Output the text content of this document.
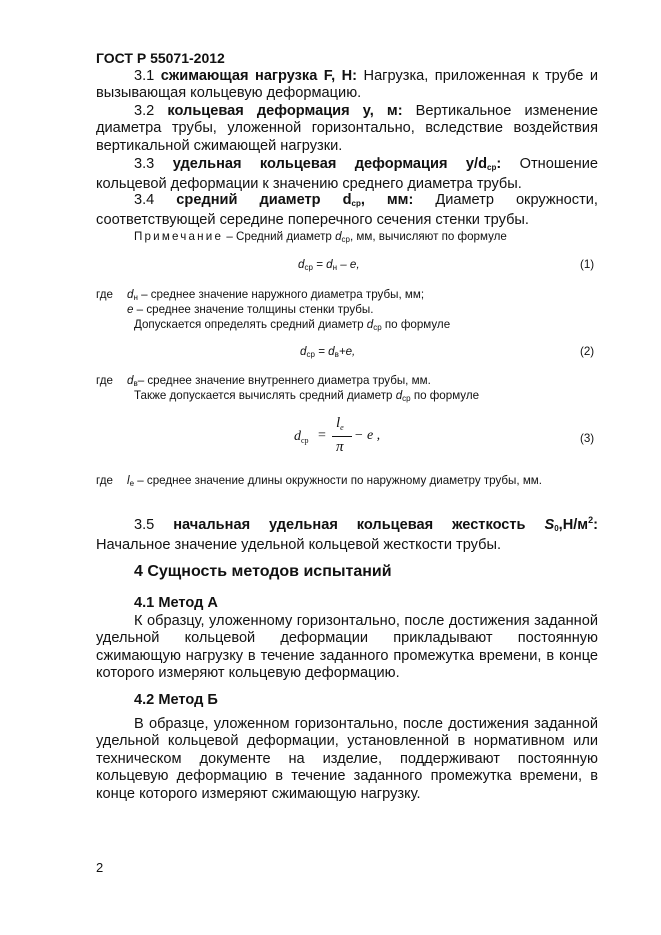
ГОСТ Р 55071-2012

3.1 сжимающая нагрузка F, Н: Нагрузка, приложенная к трубе и вызывающая кольцевую деформацию.

3.2 кольцевая деформация у, м: Вертикальное изменение диаметра трубы, уложенной горизонтально, вследствие воздействия вертикальной сжимающей нагрузки.

3.3 удельная кольцевая деформация $y/d_{ср}$: Отношение кольцевой деформации к значению среднего диаметра трубы.

3.4 средний диаметр $d_{ср}$, мм: Диаметр окружности, соответствующей середине поперечного сечения стенки трубы.

Примечание – Средний диаметр dср, мм, вычисляют по формуле

$d_{ср} = d_н - e$,	(1)
где dн – среднее значение наружного диаметра трубы, мм;
e – среднее значение толщины стенки трубы.
Допускается определять средний диаметр dср по формуле
$d_{ср} = d_в+e$,	(2)
где dв– среднее значение внутреннего диаметра трубы, мм.
Также допускается вычислять средний диаметр dср по формуле
$d_{ср}$ =
$l_e$
π
− e ,	(3)
где le – среднее значение длины окружности по наружному диаметру трубы, мм.

3.5 начальная удельная кольцевая жесткость $S_0,Н/м^2$: Начальное значение удельной кольцевой жесткости трубы.

4 Сущность методов испытаний
4.1 Метод А

К образцу, уложенному горизонтально, после достижения заданной удельной кольцевой деформации прикладывают постоянную сжимающую нагрузку в течение заданного промежутка времени, в конце которого измеряют кольцевую деформацию.

4.2 Метод Б

В образце, уложенном горизонтально, после достижения заданной удельной кольцевой деформации, установленной в нормативном или техническом документе на изделие, поддерживают постоянную кольцевую деформацию в течение заданного промежутка времени, в конце которого измеряют сжимающую нагрузку.

2
